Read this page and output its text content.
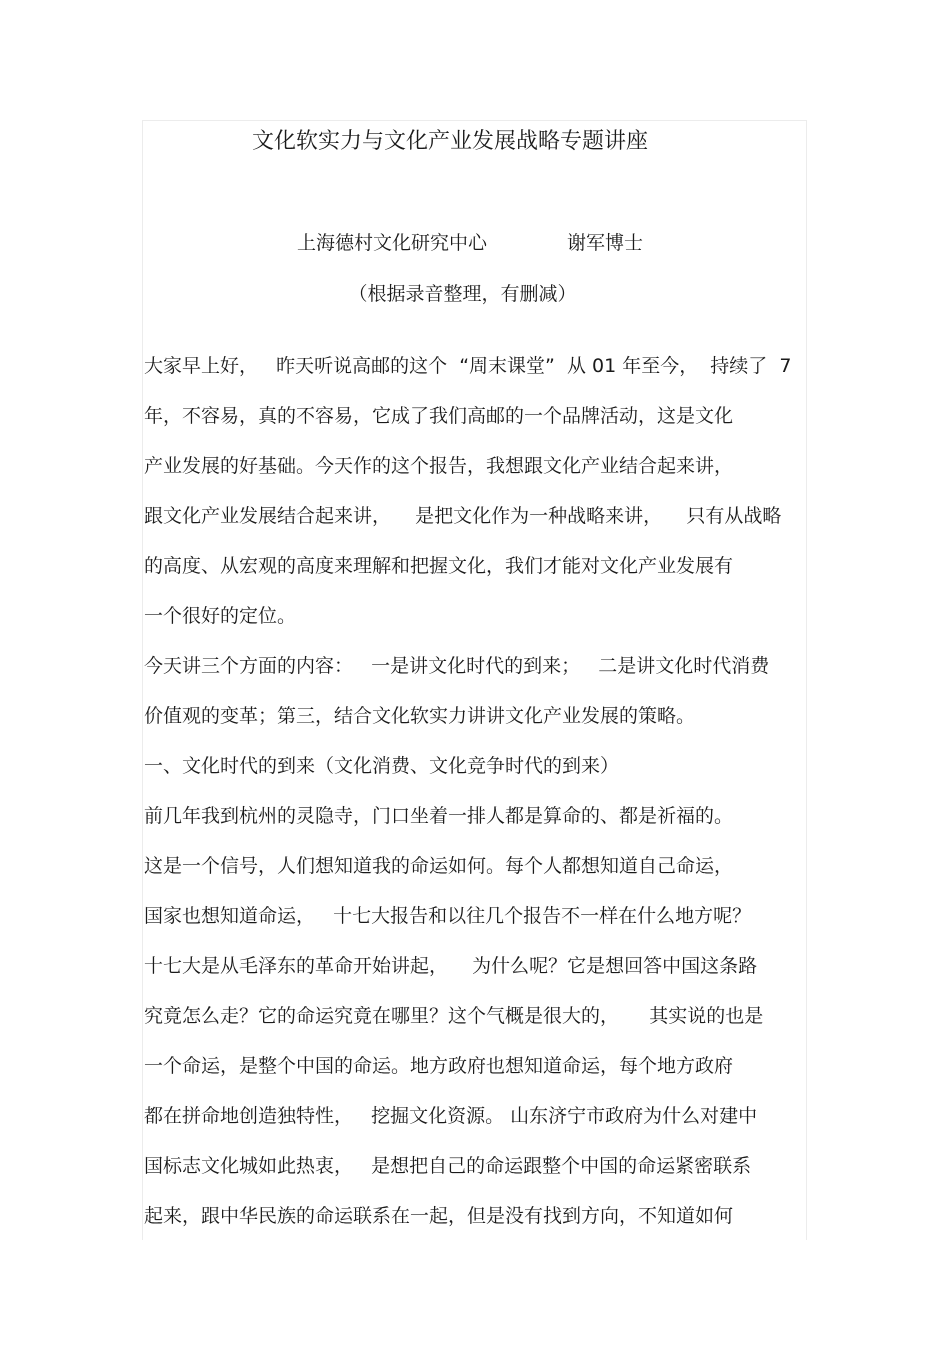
文化软实力与文化产业发展战略专题讲座
上海德村文化研究中心	谢军博士
（根据录音整理，有删减）
大家早上好，   昨天听说高邮的这个  “周末课堂”  从 01 年至今，  持续了  7
年，不容易，真的不容易，它成了我们高邮的一个品牌活动，这是文化
产业发展的好基础。今天作的这个报告，我想跟文化产业结合起来讲，
跟文化产业发展结合起来讲，    是把文化作为一种战略来讲，    只有从战略
的高度、从宏观的高度来理解和把握文化，我们才能对文化产业发展有
一个很好的定位。
今天讲三个方面的内容：   一是讲文化时代的到来；   二是讲文化时代消费
价值观的变革；第三，结合文化软实力讲讲文化产业发展的策略。
一、文化时代的到来（文化消费、文化竞争时代的到来）
前几年我到杭州的灵隐寺，门口坐着一排人都是算命的、都是祈福的。
这是一个信号，人们想知道我的命运如何。每个人都想知道自己命运，
国家也想知道命运，   十七大报告和以往几个报告不一样在什么地方呢？
十七大是从毛泽东的革命开始讲起，    为什么呢？它是想回答中国这条路
究竟怎么走？它的命运究竟在哪里？这个气概是很大的，     其实说的也是
一个命运，是整个中国的命运。地方政府也想知道命运，每个地方政府
都在拼命地创造独特性，   挖掘文化资源。 山东济宁市政府为什么对建中
国标志文化城如此热衷，   是想把自己的命运跟整个中国的命运紧密联系
起来，跟中华民族的命运联系在一起，但是没有找到方向，不知道如何
